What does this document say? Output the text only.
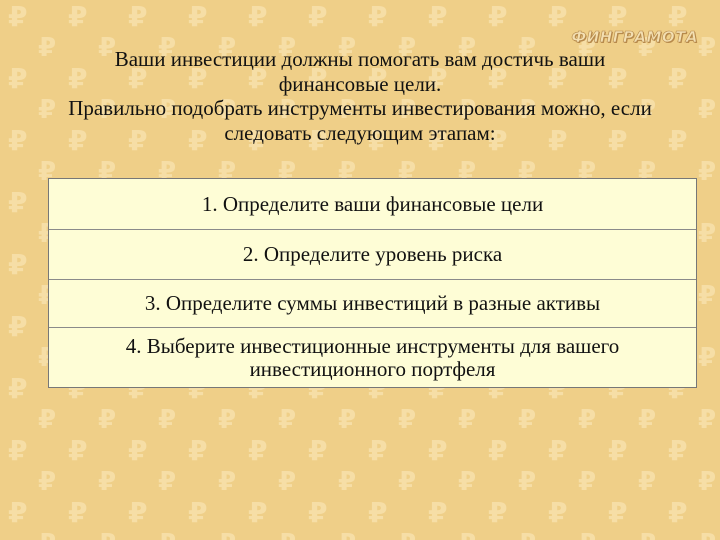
ФИНГРАМОТА

Ваши инвестиции должны помогать вам достичь ваши финансовые цели.

Правильно подобрать инструменты инвестирования можно, если следовать следующим этапам:

1. Определите ваши финансовые цели
2. Определите уровень риска
3. Определите суммы инвестиций в разные активы
4. Выберите инвестиционные инструменты для вашего инвестиционного портфеля
